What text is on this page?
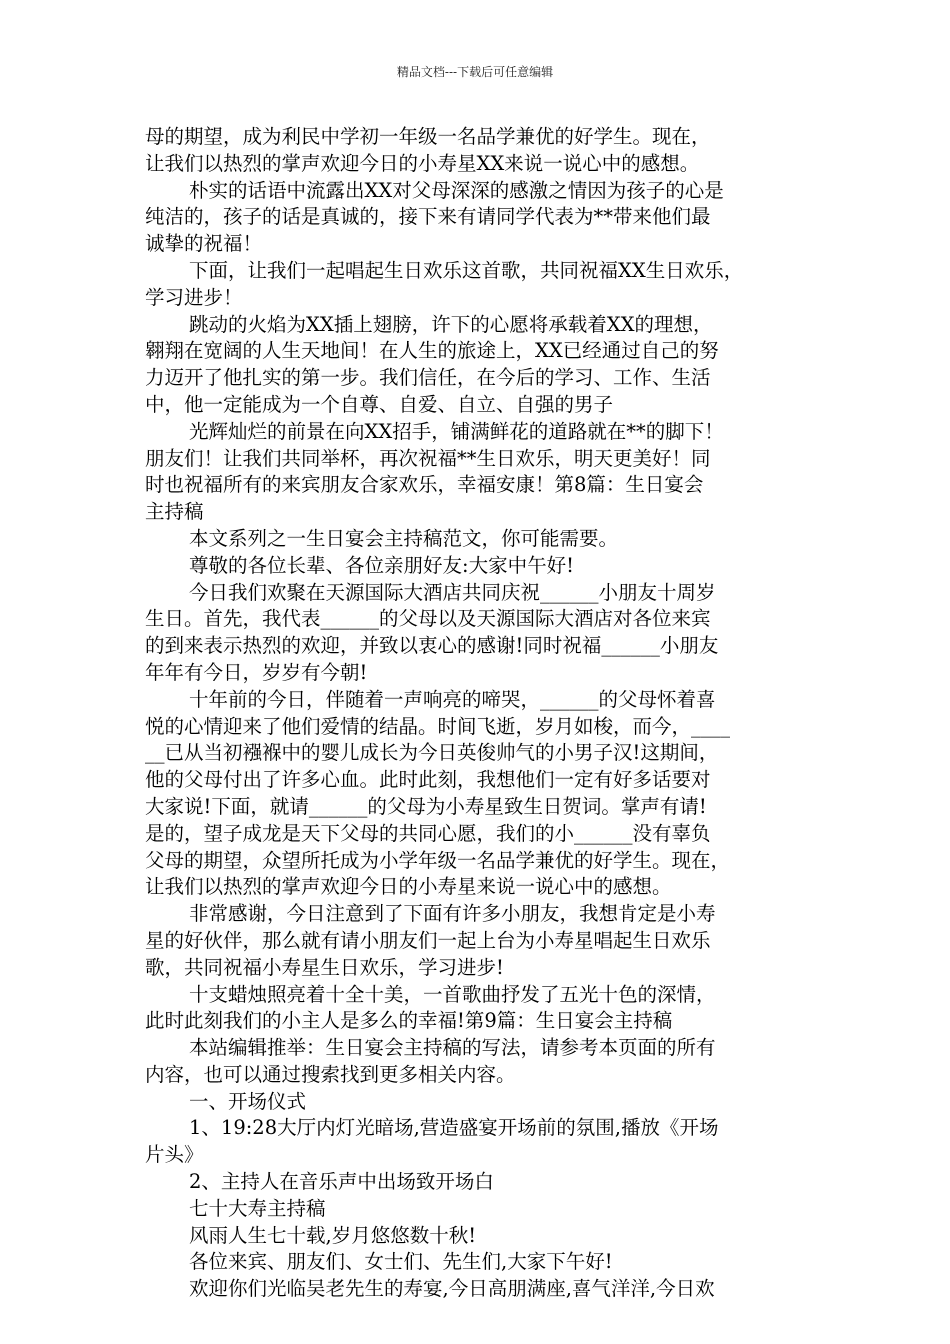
精品文档---下载后可任意编辑
母的期望，成为利民中学初一年级一名品学兼优的好学生。现在，
让我们以热烈的掌声欢迎今日的小寿星XX来说一说心中的感想。
朴实的话语中流露出XX对父母深深的感激之情因为孩子的心是
纯洁的，孩子的话是真诚的，接下来有请同学代表为**带来他们最
诚挚的祝福！
下面，让我们一起唱起生日欢乐这首歌，共同祝福XX生日欢乐，
学习进步！
跳动的火焰为XX插上翅膀，许下的心愿将承载着XX的理想，
翱翔在宽阔的人生天地间！在人生的旅途上，XX已经通过自己的努
力迈开了他扎实的第一步。我们信任，在今后的学习、工作、生活
中，他一定能成为一个自尊、自爱、自立、自强的男子
光辉灿烂的前景在向XX招手，铺满鲜花的道路就在**的脚下！
朋友们！让我们共同举杯，再次祝福**生日欢乐，明天更美好！同
时也祝福所有的来宾朋友合家欢乐，幸福安康！第8篇：生日宴会
主持稿
本文系列之一生日宴会主持稿范文，你可能需要。
尊敬的各位长辈、各位亲朋好友:大家中午好!
今日我们欢聚在天源国际大酒店共同庆祝______小朋友十周岁
生日。首先，我代表______的父母以及天源国际大酒店对各位来宾
的到来表示热烈的欢迎，并致以衷心的感谢!同时祝福______小朋友
年年有今日，岁岁有今朝!
十年前的今日，伴随着一声响亮的啼哭，______的父母怀着喜
悦的心情迎来了他们爱情的结晶。时间飞逝，岁月如梭，而今，____
__已从当初襁褓中的婴儿成长为今日英俊帅气的小男子汉!这期间，
他的父母付出了许多心血。此时此刻，我想他们一定有好多话要对
大家说!下面，就请______的父母为小寿星致生日贺词。掌声有请!
是的，望子成龙是天下父母的共同心愿，我们的小______没有辜负
父母的期望，众望所托成为小学年级一名品学兼优的好学生。现在，
让我们以热烈的掌声欢迎今日的小寿星来说一说心中的感想。
非常感谢，今日注意到了下面有许多小朋友，我想肯定是小寿
星的好伙伴，那么就有请小朋友们一起上台为小寿星唱起生日欢乐
歌，共同祝福小寿星生日欢乐，学习进步!
十支蜡烛照亮着十全十美，一首歌曲抒发了五光十色的深情，
此时此刻我们的小主人是多么的幸福!第9篇：生日宴会主持稿
本站编辑推举：生日宴会主持稿的写法，请参考本页面的所有
内容，也可以通过搜索找到更多相关内容。
一、开场仪式
1、19:28大厅内灯光暗场,营造盛宴开场前的氛围,播放《开场
片头》
2、主持人在音乐声中出场致开场白
七十大寿主持稿
风雨人生七十载,岁月悠悠数十秋!
各位来宾、朋友们、女士们、先生们,大家下午好!
欢迎你们光临吴老先生的寿宴,今日高朋满座,喜气洋洋,今日欢
